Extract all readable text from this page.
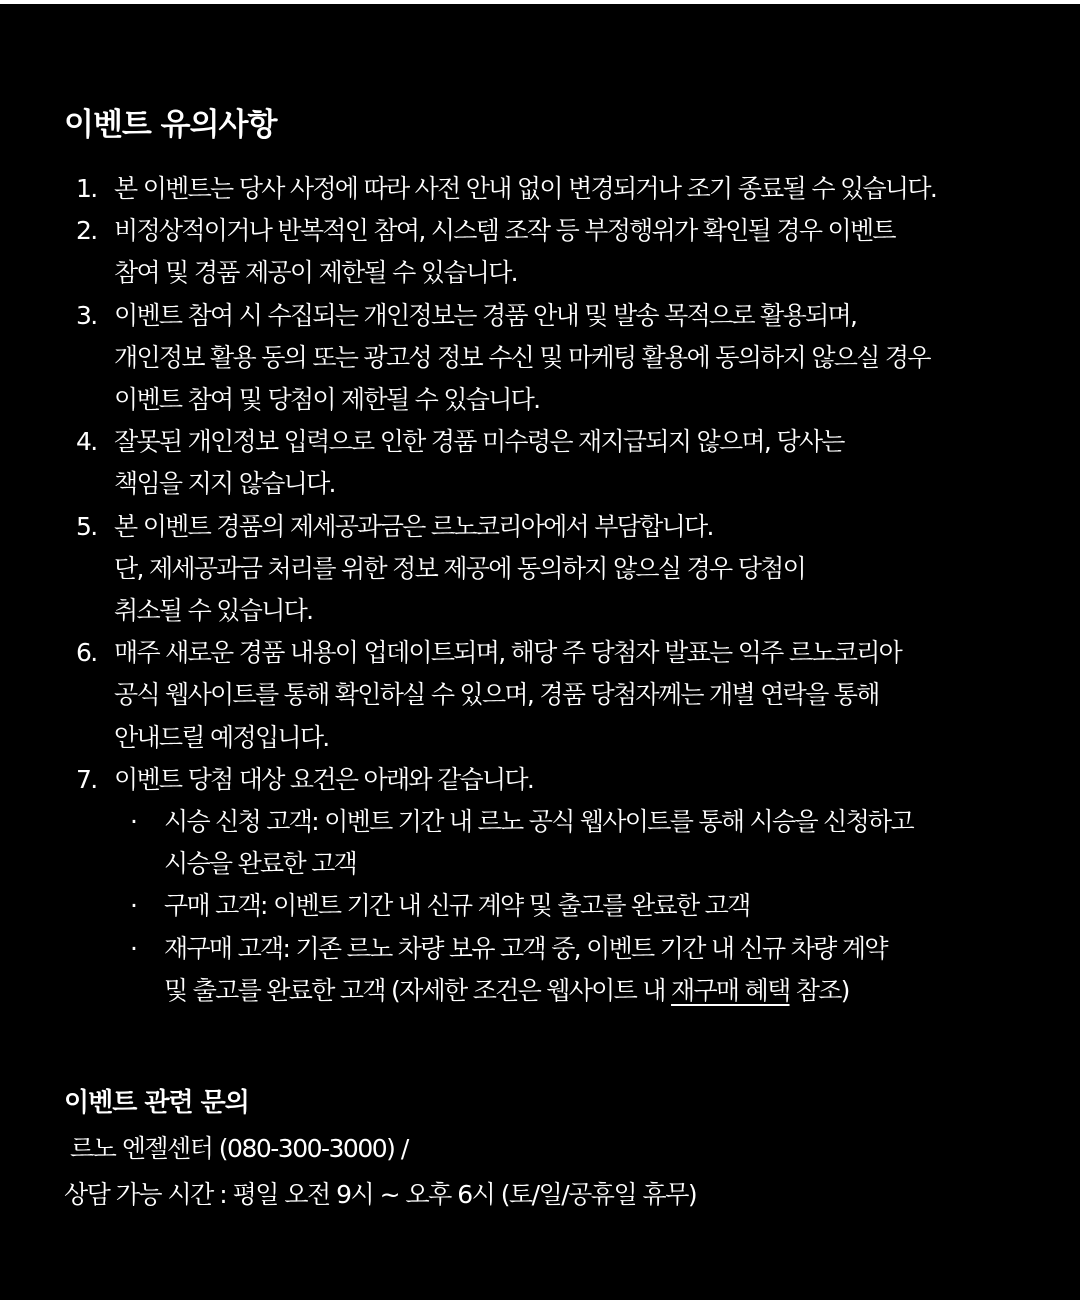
이벤트 유의사항
1. 본 이벤트는 당사 사정에 따라 사전 안내 없이 변경되거나 조기 종료될 수 있습니다.
2. 비정상적이거나 반복적인 참여, 시스템 조작 등 부정행위가 확인될 경우 이벤트
참여 및 경품 제공이 제한될 수 있습니다.
3. 이벤트 참여 시 수집되는 개인정보는 경품 안내 및 발송 목적으로 활용되며,
개인정보 활용 동의 또는 광고성 정보 수신 및 마케팅 활용에 동의하지 않으실 경우
이벤트 참여 및 당첨이 제한될 수 있습니다.
4. 잘못된 개인정보 입력으로 인한 경품 미수령은 재지급되지 않으며, 당사는
책임을 지지 않습니다.
5. 본 이벤트 경품의 제세공과금은 르노코리아에서 부담합니다.
단, 제세공과금 처리를 위한 정보 제공에 동의하지 않으실 경우 당첨이
취소될 수 있습니다.
6. 매주 새로운 경품 내용이 업데이트되며, 해당 주 당첨자 발표는 익주 르노코리아
공식 웹사이트를 통해 확인하실 수 있으며, 경품 당첨자께는 개별 연락을 통해
안내드릴 예정입니다.
7. 이벤트 당첨 대상 요건은 아래와 같습니다.
·	시승 신청 고객: 이벤트 기간 내 르노 공식 웹사이트를 통해 시승을 신청하고
시승을 완료한 고객
·	구매 고객: 이벤트 기간 내 신규 계약 및 출고를 완료한 고객
·	재구매 고객: 기존 르노 차량 보유 고객 중, 이벤트 기간 내 신규 차량 계약
및 출고를 완료한 고객 (자세한 조건은 웹사이트 내 재구매 혜택 참조)
이벤트 관련 문의

르노 엔젤센터 (080-300-3000) /

상담 가능 시간 : 평일 오전 9시 ~ 오후 6시 (토/일/공휴일 휴무)
